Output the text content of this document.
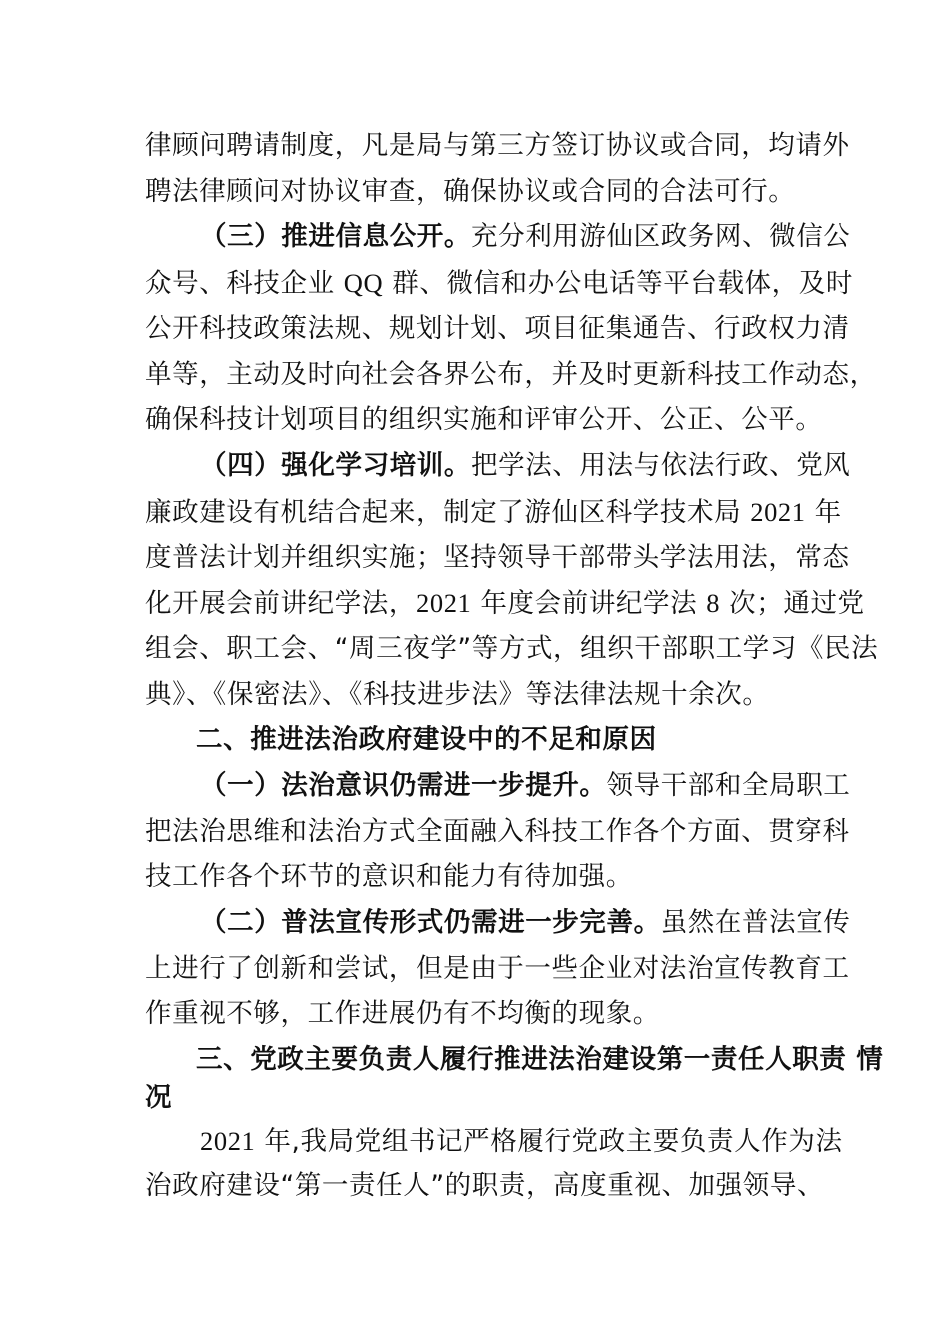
律顾问聘请制度，凡是局与第三方签订协议或合同，均请外
聘法律顾问对协议审查，确保协议或合同的合法可行。
（三）推进信息公开。充分利用游仙区政务网、微信公
众号、科技企业 QQ 群、微信和办公电话等平台载体，及时
公开科技政策法规、规划计划、项目征集通告、行政权力清
单等，主动及时向社会各界公布，并及时更新科技工作动态，
确保科技计划项目的组织实施和评审公开、公正、公平。
（四）强化学习培训。把学法、用法与依法行政、党风
廉政建设有机结合起来，制定了游仙区科学技术局 2021 年
度普法计划并组织实施；坚持领导干部带头学法用法，常态
化开展会前讲纪学法，2021 年度会前讲纪学法 8 次；通过党
组会、职工会、“周三夜学”等方式，组织干部职工学习《民法
典》、《保密法》、《科技进步法》等法律法规十余次。
二、推进法治政府建设中的不足和原因
（一）法治意识仍需进一步提升。领导干部和全局职工
把法治思维和法治方式全面融入科技工作各个方面、贯穿科
技工作各个环节的意识和能力有待加强。
（二）普法宣传形式仍需进一步完善。虽然在普法宣传
上进行了创新和尝试，但是由于一些企业对法治宣传教育工
作重视不够，工作进展仍有不均衡的现象。
三、党政主要负责人履行推进法治建设第一责任人职责 情
况
2021 年,我局党组书记严格履行党政主要负责人作为法
治政府建设“第一责任人”的职责，高度重视、加强领导、
